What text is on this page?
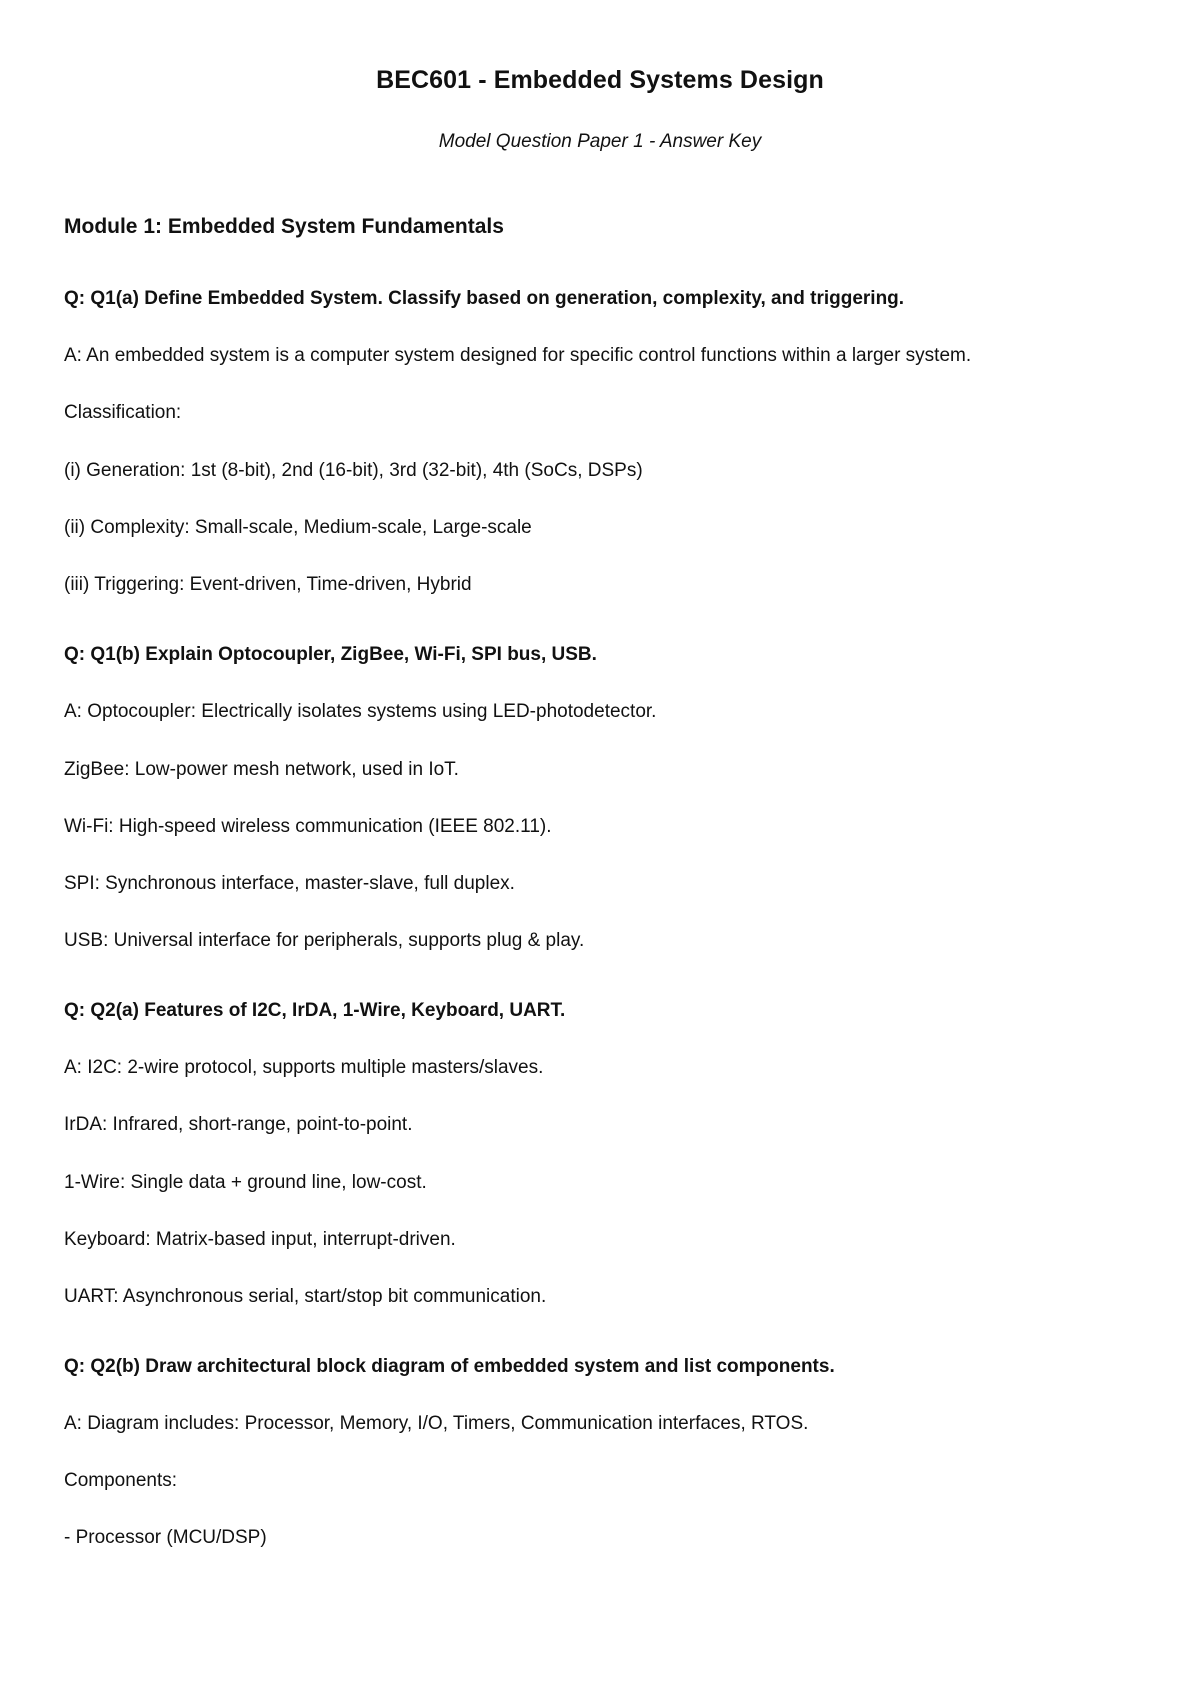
BEC601 - Embedded Systems Design

Model Question Paper 1 - Answer Key

Module 1: Embedded System Fundamentals

Q: Q1(a) Define Embedded System. Classify based on generation, complexity, and triggering.

A: An embedded system is a computer system designed for specific control functions within a larger system.

Classification:

(i) Generation: 1st (8-bit), 2nd (16-bit), 3rd (32-bit), 4th (SoCs, DSPs)

(ii) Complexity: Small-scale, Medium-scale, Large-scale

(iii) Triggering: Event-driven, Time-driven, Hybrid

Q: Q1(b) Explain Optocoupler, ZigBee, Wi-Fi, SPI bus, USB.

A: Optocoupler: Electrically isolates systems using LED-photodetector.

ZigBee: Low-power mesh network, used in IoT.

Wi-Fi: High-speed wireless communication (IEEE 802.11).

SPI: Synchronous interface, master-slave, full duplex.

USB: Universal interface for peripherals, supports plug & play.

Q: Q2(a) Features of I2C, IrDA, 1-Wire, Keyboard, UART.

A: I2C: 2-wire protocol, supports multiple masters/slaves.

IrDA: Infrared, short-range, point-to-point.

1-Wire: Single data + ground line, low-cost.

Keyboard: Matrix-based input, interrupt-driven.

UART: Asynchronous serial, start/stop bit communication.

Q: Q2(b) Draw architectural block diagram of embedded system and list components.

A: Diagram includes: Processor, Memory, I/O, Timers, Communication interfaces, RTOS.

Components:

- Processor (MCU/DSP)
